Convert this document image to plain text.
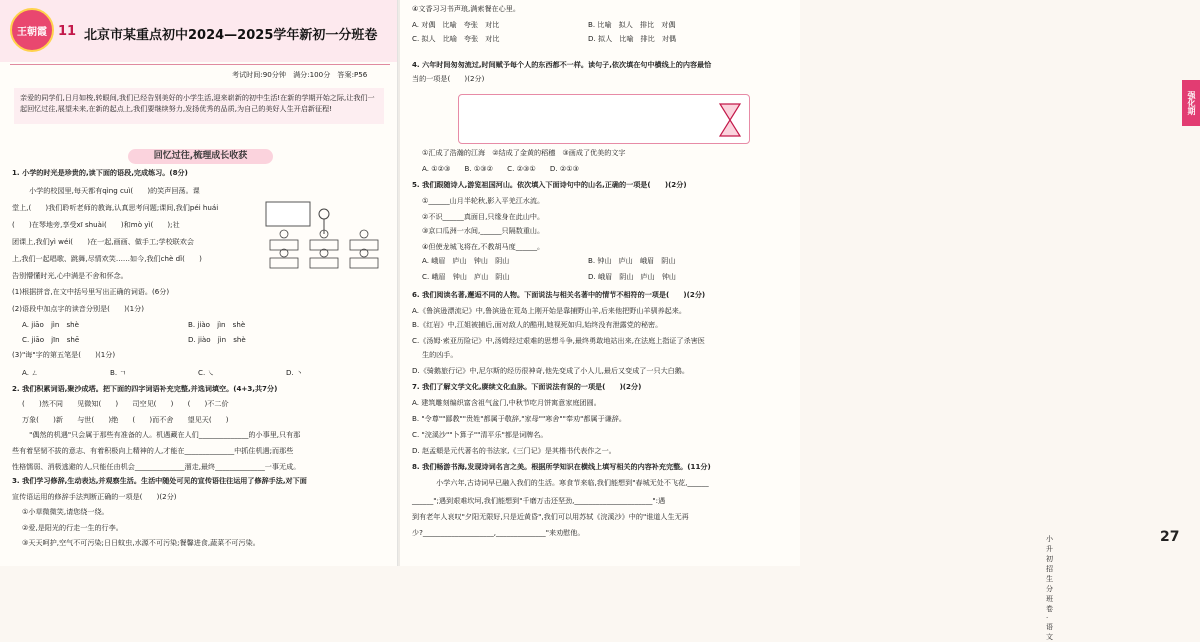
王朝霞 11 北京市某重点初中2024—2025学年新初一分班卷
考试时间:90分钟　满分:100分　答案:P56
亲爱的同学们,日月如梭,转眼间,我们已经告别美好的小学生活,迎来崭新的初中生活!在新的学期开始之际,让我们一起回忆过往,展望未来,在新的起点上,我们要继续努力,发扬优秀的品质,为自己的美好人生开启新征程!
回忆过往,梳理成长收获
1. 小学的时光是珍贵的,读下面的语段,完成练习。(8分)
　小学的校园里,每天都有qìng cuì(　　)的笑声回荡。课
堂上,(　　)我们聆听老师的教诲,认真思考问题;课间,我们péi huái
(　　)在琴地旁,享受xī shuài(　　)和mò yì(　　);社
团课上,我们yì wéi(　　)在一起,画画、做手工;学校联欢会
上,我们一起唱歌、跳舞,尽情欢笑……如今,我们chè dǐ(　　)
告别懵懂时光,心中满是不舍和怀念。
(1)根据拼音,在文中括号里写出正确的词语。(6分)
(2)语段中加点字的读音分别是(　　)(1分)
A. jiāo　jìn　shè	B. jiào　jìn　shè
C. jiāo　jīn　shē	D. jiào　jìn　shè
(3)"诲"字的第五笔是(　　)(1分)
A. ㄥ	B. ㄱ	C. ㇏	D. 丶
2. 我们积累词语,聚沙成塔。把下面的四字词语补充完整,并选词填空。(4+3,共7分)
(　　)然不同　　见微知(　　)　　司空见(　　)　　(　　)不二价
万象(　　)新　　与世(　　)绝　　(　　)而不舍　　望见天(　　)
　"偶然的机遇"只会属于那些有准备的人。机遇藏在人们______________的小事里,只有那
些有着坚韧不拔的意志、有着积极向上精神的人,才能在______________中抓住机遇;而那些
性格懦弱、消极逃避的人,只能任由机会______________溜走,最终______________一事无成。
3. 我们学习修辞,生动表达,并观察生活。生活中随处可见的宣传语往往运用了修辞手法,对下面
宣传语运用的修辞手法判断正确的一项是(　　)(2分)
①小草微微笑,请您绕一绕。
②爱,是阳光的行走一生的行李。
③天天呵护,空气不可污染;日日蚊虫,水源不可污染;餐馨进食,蔬菜不可污染。
④文香习习书声琅,满索餐在心里。
A. 对偶　比喻　夸张　对比	B. 比喻　拟人　排比　对偶
C. 拟人　比喻　夸张　对比	D. 拟人　比喻　排比　对偶
4. 六年时间匆匆流过,时间赋予每个人的东西都不一样。读句子,依次填在句中横线上的内容最恰
当的一项是(　　)(2分)
①汇成了浩瀚的江海　②结成了金黄的稻穗　③画成了优美的文字
A. ①②③　　B. ①③②　　C. ②③①　　D. ②①③
5. 我们跟随诗人,游览祖国河山。依次填入下面诗句中的山名,正确的一项是(　　)(2分)
①______山月半轮秋,影入平羌江水流。
②不识______真面目,只缘身在此山中。
③京口瓜洲一水间,______只隔数重山。
④但使龙城飞将在,不教胡马度______。
A. 峨眉　庐山　钟山　阴山	B. 钟山　庐山　峨眉　阴山
C. 峨眉　钟山　庐山　阴山	D. 峨眉　阴山　庐山　钟山
6. 我们阅读名著,邂逅不同的人物。下面说法与相关名著中的情节不相符的一项是(　　)(2分)
A.《鲁滨逊漂流记》中,鲁滨逊在荒岛上刚开始是靠捕野山羊,后来他把野山羊驯养起来。
B.《红岩》中,江姐被捕后,面对敌人的酷刑,她视死如归,始终没有泄露党的秘密。
C.《汤姆·索亚历险记》中,汤姆经过艰难的思想斗争,最终勇敢地站出来,在法庭上指证了杀害医
生的凶手。
D.《骑鹅旅行记》中,尼尔斯的经历很神奇,他先变成了小人儿,最后又变成了一只大白鹅。
7. 我们了解文学文化,赓续文化血脉。下面说法有误的一项是(　　)(2分)
A. 建筑雕刻编织富含祖气盆门,中秋节吃月饼寓意家庭团圆。
B. "令尊""鄙教""贵姓"都属于敬辞,"家母""寒舍""奉劝"都属于谦辞。
C. "浣溪沙""卜算子""清平乐"都是词牌名。
D. 赵孟頫是元代著名的书法家,《三门记》是其楷书代表作之一。
8. 我们畅游书海,发现诗词名言之美。根据所学知识在横线上填写相关的内容补充完整。(11分)
　　小学六年,古诗词早已融入我们的生活。寒食节来临,我们能想到"春城无处不飞花,______
______";遇到艰难坎坷,我们能想到"千磨万击还坚劲,______________________":遇
到有老年人哀叹"夕阳无限好,只是近黄昏",我们可以用苏轼《浣溪沙》中的"谁道人生无再
少?____________________,______________"来劝慰他。
强化期
小升初招生分班卷·语文
27
